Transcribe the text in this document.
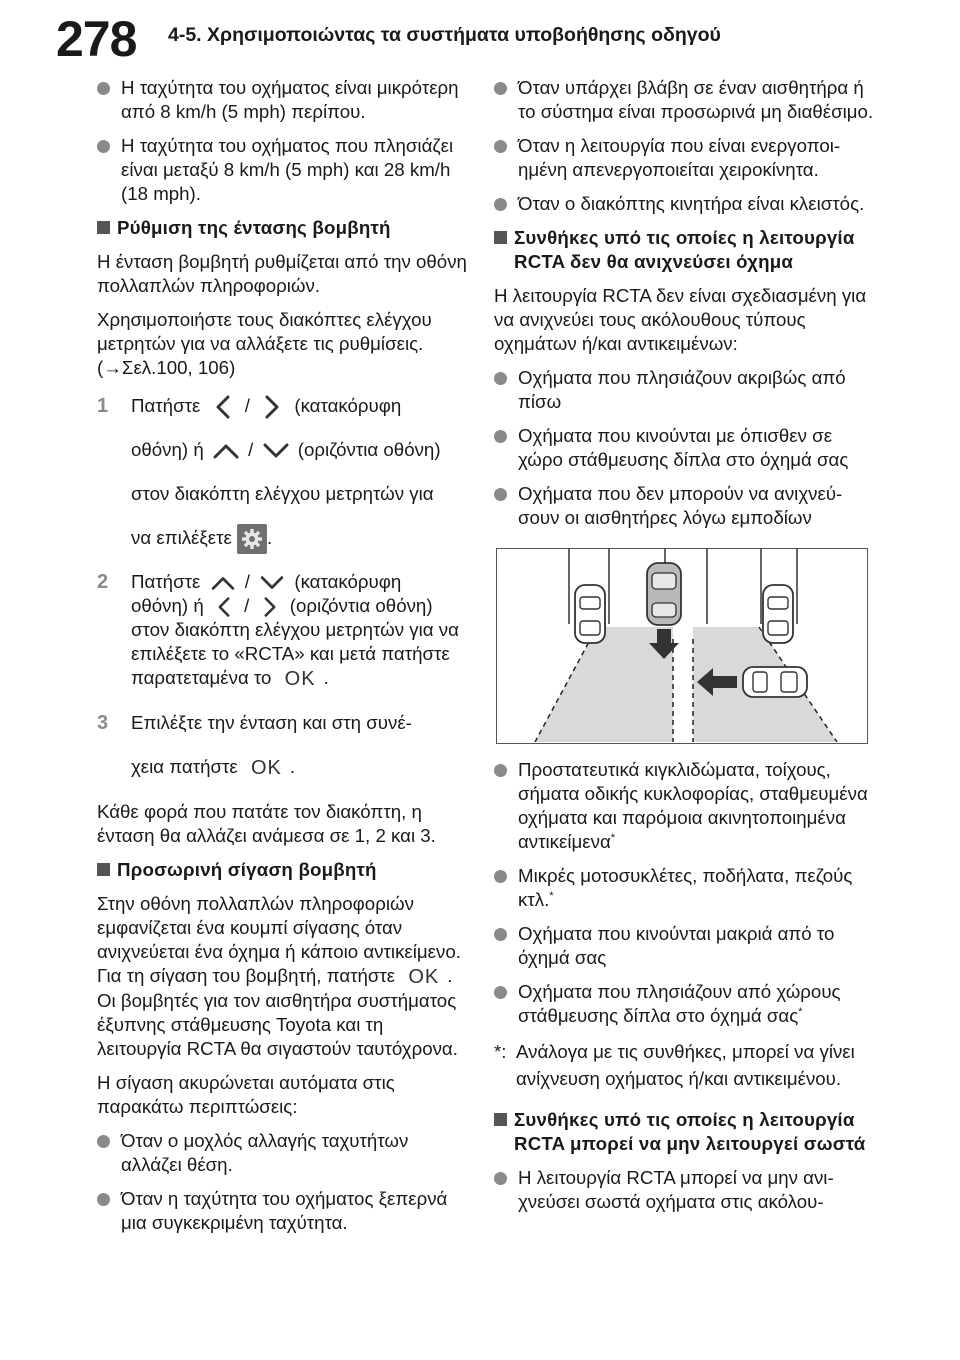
278 4-5. Χρησιμοποιώντας τα συστήματα υποβοήθησης οδηγού
Η ταχύτητα του οχήματος είναι μικρότερη από 8 km/h (5 mph) περίπου.
Η ταχύτητα του οχήματος που πλησιάζει είναι μεταξύ 8 km/h (5 mph) και 28 km/h (18 mph).
Ρύθμιση της έντασης βομβητή
Η ένταση βομβητή ρυθμίζεται από την οθόνη πολλαπλών πληροφοριών.
Χρησιμοποιήστε τους διακόπτες ελέγχου μετρητών για να αλλάξετε τις ρυθμίσεις. (→Σελ.100, 106)
1 Πατήστε / (κατακόρυφη
οθόνη) ή / (οριζόντια οθόνη)
στον διακόπτη ελέγχου μετρητών για
να επιλέξετε .
2 Πατήστε / (κατακόρυφη
οθόνη) ή / (οριζόντια οθόνη)
στον διακόπτη ελέγχου μετρητών για να επιλέξετε το «RCTA» και μετά πατήστε παρατεταμένα το OK .
3 Επιλέξτε την ένταση και στη συνέ-
χεια πατήστε OK .
Κάθε φορά που πατάτε τον διακόπτη, η ένταση θα αλλάζει ανάμεσα σε 1, 2 και 3.
Προσωρινή σίγαση βομβητή
Στην οθόνη πολλαπλών πληροφοριών εμφανίζεται ένα κουμπί σίγασης όταν ανιχνεύεται ένα όχημα ή κάποιο αντικείμενο. Για τη σίγαση του βομβητή, πατήστε OK .
Οι βομβητές για τον αισθητήρα συστήματος έξυπνης στάθμευσης Toyota και τη λειτουργία RCTA θα σιγαστούν ταυτόχρονα.
Η σίγαση ακυρώνεται αυτόματα στις παρακάτω περιπτώσεις:
Όταν ο μοχλός αλλαγής ταχυτήτων αλλάζει θέση.
Όταν η ταχύτητα του οχήματος ξεπερνά μια συγκεκριμένη ταχύτητα.
Όταν υπάρχει βλάβη σε έναν αισθητήρα ή το σύστημα είναι προσωρινά μη διαθέσιμο.
Όταν η λειτουργία που είναι ενεργοποιημένη απενεργοποιείται χειροκίνητα.
Όταν ο διακόπτης κινητήρα είναι κλειστός.
Συνθήκες υπό τις οποίες η λειτουργία RCTA δεν θα ανιχνεύσει όχημα
Η λειτουργία RCTA δεν είναι σχεδιασμένη για να ανιχνεύει τους ακόλουθους τύπους οχημάτων ή/και αντικειμένων:
Οχήματα που πλησιάζουν ακριβώς από πίσω
Οχήματα που κινούνται με όπισθεν σε χώρο στάθμευσης δίπλα στο όχημά σας
Οχήματα που δεν μπορούν να ανιχνεύσουν οι αισθητήρες λόγω εμποδίων
Προστατευτικά κιγκλιδώματα, τοίχους, σήματα οδικής κυκλοφορίας, σταθμευμένα οχήματα και παρόμοια ακινητοποιημένα αντικείμενα*
Μικρές μοτοσυκλέτες, ποδήλατα, πεζούς κτλ.*
Οχήματα που κινούνται μακριά από το όχημά σας
Οχήματα που πλησιάζουν από χώρους στάθμευσης δίπλα στο όχημά σας*
*: Ανάλογα με τις συνθήκες, μπορεί να γίνει ανίχνευση οχήματος ή/και αντικειμένου.
Συνθήκες υπό τις οποίες η λειτουργία RCTA μπορεί να μην λειτουργεί σωστά
Η λειτουργία RCTA μπορεί να μην ανιχνεύσει σωστά οχήματα στις ακόλου-
